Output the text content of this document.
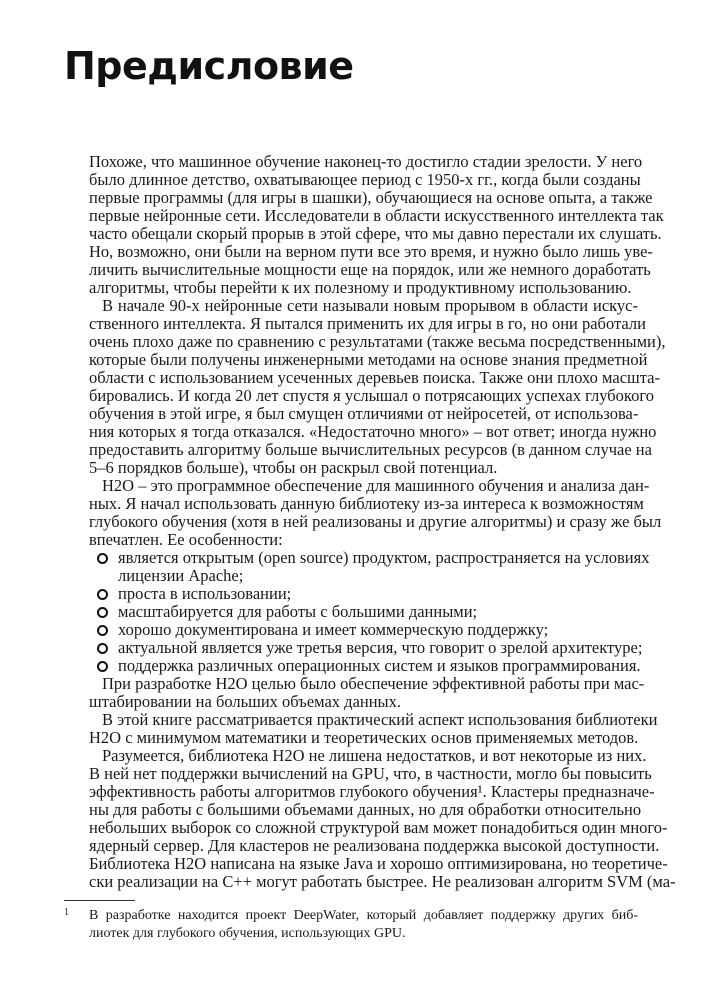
Предисловие
Похоже, что машинное обучение наконец-то достигло стадии зрелости. У него
было длинное детство, охватывающее период с 1950-х гг., когда были созданы
первые программы (для игры в шашки), обучающиеся на основе опыта, а также
первые нейронные сети. Исследователи в области искусственного интеллекта так
часто обещали скорый прорыв в этой сфере, что мы давно перестали их слушать.
Но, возможно, они были на верном пути все это время, и нужно было лишь уве-
личить вычислительные мощности еще на порядок, или же немного доработать
алгоритмы, чтобы перейти к их полезному и продуктивному использованию.
В начале 90-х нейронные сети называли новым прорывом в области искус-
ственного интеллекта. Я пытался применить их для игры в го, но они работали
очень плохо даже по сравнению с результатами (также весьма посредственными),
которые были получены инженерными методами на основе знания предметной
области с использованием усеченных деревьев поиска. Также они плохо масшта-
бировались. И когда 20 лет спустя я услышал о потрясающих успехах глубокого
обучения в этой игре, я был смущен отличиями от нейросетей, от использова-
ния которых я тогда отказался. «Недостаточно много» – вот ответ; иногда нужно
предоставить алгоритму больше вычислительных ресурсов (в данном случае на
5–6 порядков больше), чтобы он раскрыл свой потенциал.
H2O – это программное обеспечение для машинного обучения и анализа дан-
ных. Я начал использовать данную библиотеку из-за интереса к возможностям
глубокого обучения (хотя в ней реализованы и другие алгоритмы) и сразу же был
впечатлен. Ее особенности:
является открытым (open source) продуктом, распространяется на условиях
лицензии Apache;
проста в использовании;
масштабируется для работы с большими данными;
хорошо документирована и имеет коммерческую поддержку;
актуальной является уже третья версия, что говорит о зрелой архитектуре;
поддержка различных операционных систем и языков программирования.
При разработке H2O целью было обеспечение эффективной работы при мас-
штабировании на больших объемах данных.
В этой книге рассматривается практический аспект использования библиотеки
H2O с минимумом математики и теоретических основ применяемых методов.
Разумеется, библиотека H2O не лишена недостатков, и вот некоторые из них.
В ней нет поддержки вычислений на GPU, что, в частности, могло бы повысить
эффективность работы алгоритмов глубокого обучения¹. Кластеры предназначе-
ны для работы с большими объемами данных, но для обработки относительно
небольших выборок со сложной структурой вам может понадобиться один много-
ядерный сервер. Для кластеров не реализована поддержка высокой доступности.
Библиотека H2O написана на языке Java и хорошо оптимизирована, но теоретиче-
ски реализации на C++ могут работать быстрее. Не реализован алгоритм SVM (ма-
1 В разработке находится проект DeepWater, который добавляет поддержку других биб-
лиотек для глубокого обучения, использующих GPU.
